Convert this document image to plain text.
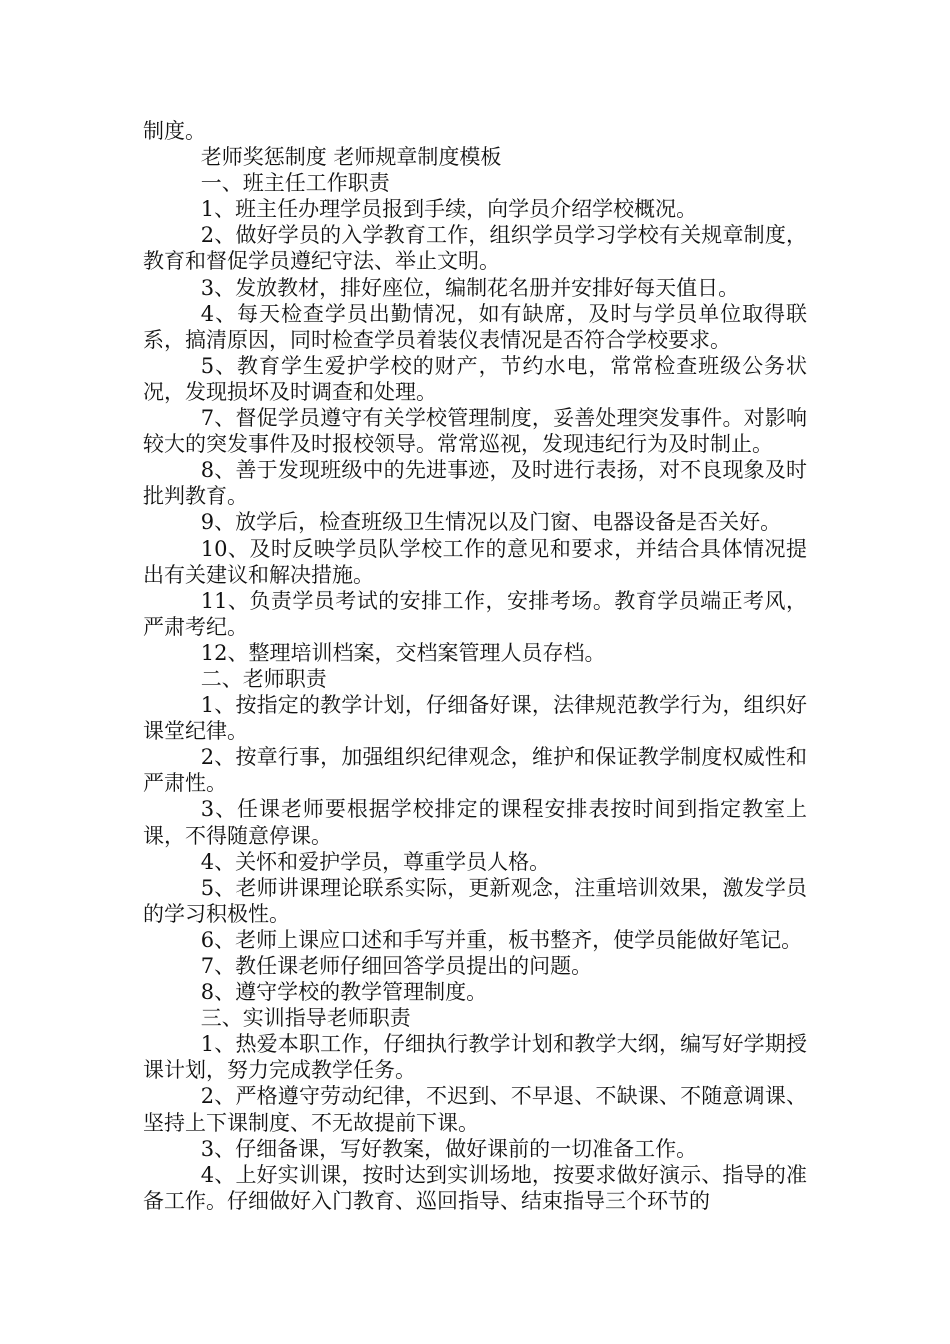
制度。

老师奖惩制度 老师规章制度模板

一、班主任工作职责

1、班主任办理学员报到手续，向学员介绍学校概况。

2、做好学员的入学教育工作，组织学员学习学校有关规章制度，教育和督促学员遵纪守法、举止文明。

3、发放教材，排好座位，编制花名册并安排好每天值日。

4、每天检查学员出勤情况，如有缺席，及时与学员单位取得联系，搞清原因，同时检查学员着装仪表情况是否符合学校要求。

5、教育学生爱护学校的财产，节约水电，常常检查班级公务状况，发现损坏及时调查和处理。

7、督促学员遵守有关学校管理制度，妥善处理突发事件。对影响较大的突发事件及时报校领导。常常巡视，发现违纪行为及时制止。

8、善于发现班级中的先进事迹，及时进行表扬，对不良现象及时批判教育。

9、放学后，检查班级卫生情况以及门窗、电器设备是否关好。

10、及时反映学员队学校工作的意见和要求，并结合具体情况提出有关建议和解决措施。

11、负责学员考试的安排工作，安排考场。教育学员端正考风，严肃考纪。

12、整理培训档案，交档案管理人员存档。

二、老师职责

1、按指定的教学计划，仔细备好课，法律规范教学行为，组织好课堂纪律。

2、按章行事，加强组织纪律观念，维护和保证教学制度权威性和严肃性。

3、任课老师要根据学校排定的课程安排表按时间到指定教室上课，不得随意停课。

4、关怀和爱护学员，尊重学员人格。

5、老师讲课理论联系实际，更新观念，注重培训效果，激发学员的学习积极性。

6、老师上课应口述和手写并重，板书整齐，使学员能做好笔记。

7、教任课老师仔细回答学员提出的问题。

8、遵守学校的教学管理制度。

三、实训指导老师职责

1、热爱本职工作，仔细执行教学计划和教学大纲，编写好学期授课计划，努力完成教学任务。

2、严格遵守劳动纪律，不迟到、不早退、不缺课、不随意调课、坚持上下课制度、不无故提前下课。

3、仔细备课，写好教案，做好课前的一切准备工作。

4、上好实训课，按时达到实训场地，按要求做好演示、指导的准备工作。仔细做好入门教育、巡回指导、结束指导三个环节的
